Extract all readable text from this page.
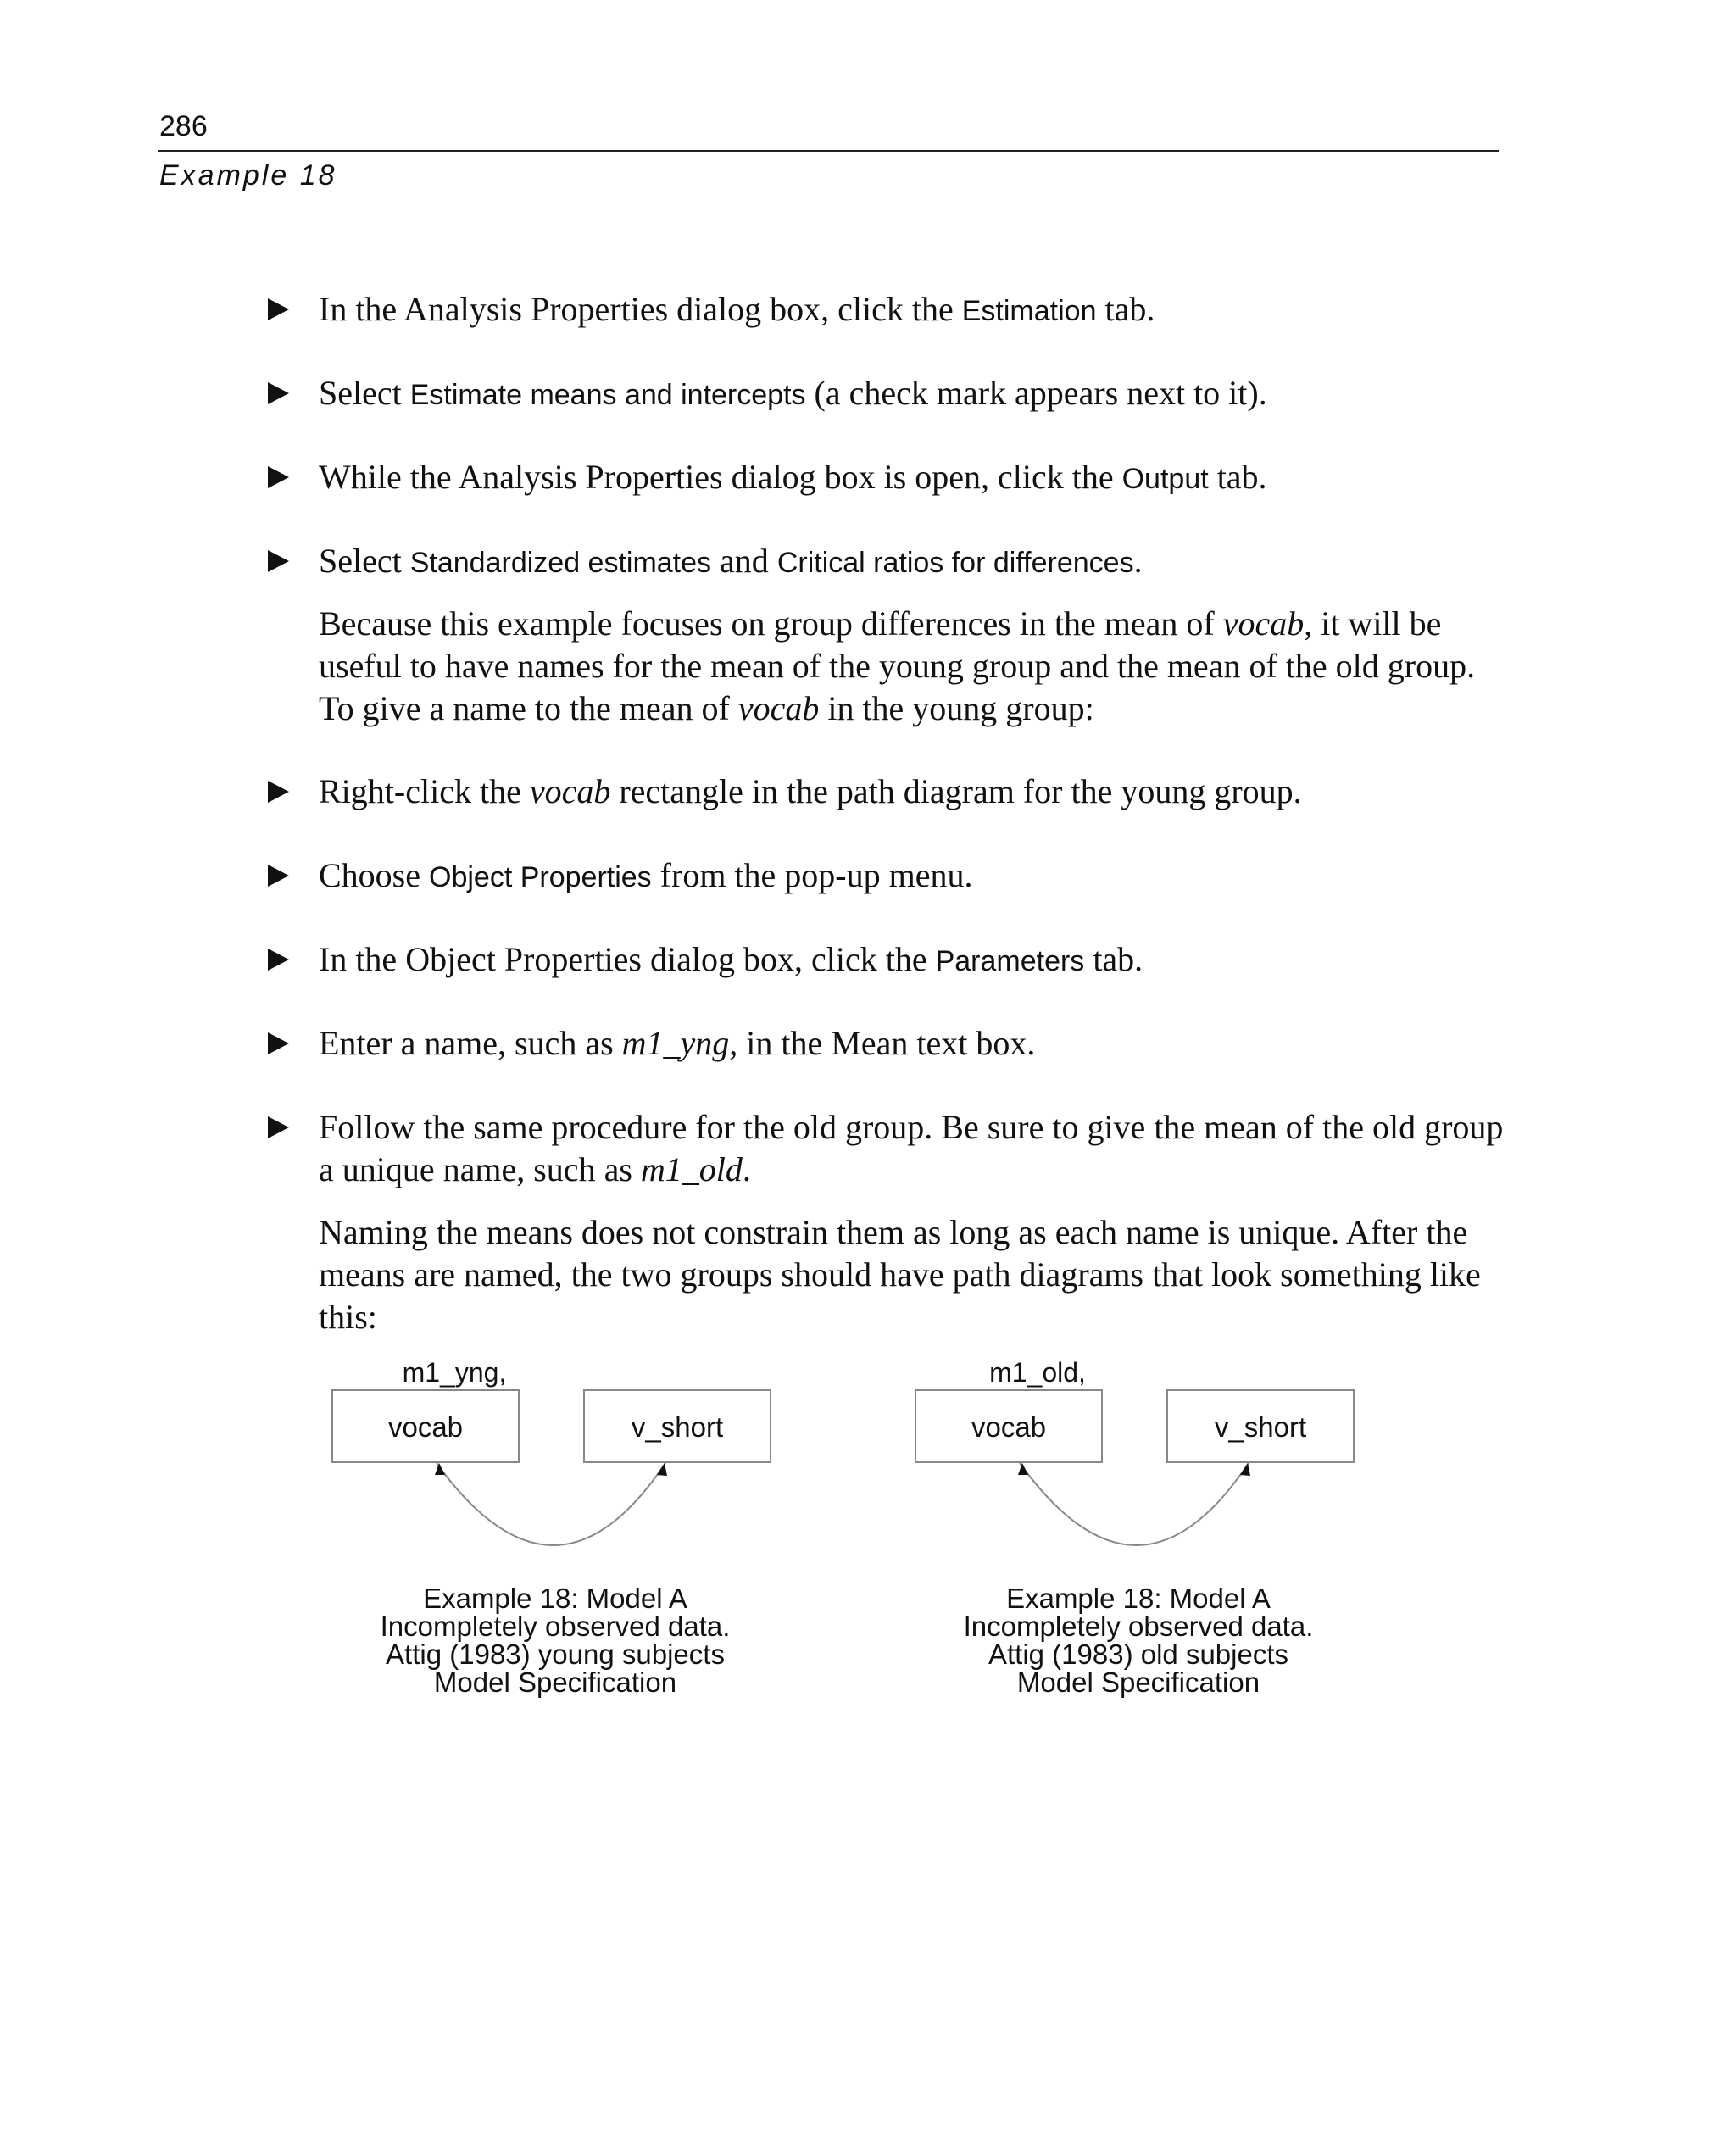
286
Example 18
In the Analysis Properties dialog box, click the Estimation tab.
Select Estimate means and intercepts (a check mark appears next to it).
While the Analysis Properties dialog box is open, click the Output tab.
Select Standardized estimates and Critical ratios for differences.
Because this example focuses on group differences in the mean of vocab, it will be useful to have names for the mean of the young group and the mean of the old group. To give a name to the mean of vocab in the young group:
Right-click the vocab rectangle in the path diagram for the young group.
Choose Object Properties from the pop-up menu.
In the Object Properties dialog box, click the Parameters tab.
Enter a name, such as m1_yng, in the Mean text box.
Follow the same procedure for the old group. Be sure to give the mean of the old group a unique name, such as m1_old.
Naming the means does not constrain them as long as each name is unique. After the means are named, the two groups should have path diagrams that look something like this:
m1_yng,
vocab	v_short
Example 18: Model A
Incompletely observed data.
Attig (1983) young subjects
Model Specification
m1_old,
vocab	v_short
Example 18: Model A
Incompletely observed data.
Attig (1983) old subjects
Model Specification
